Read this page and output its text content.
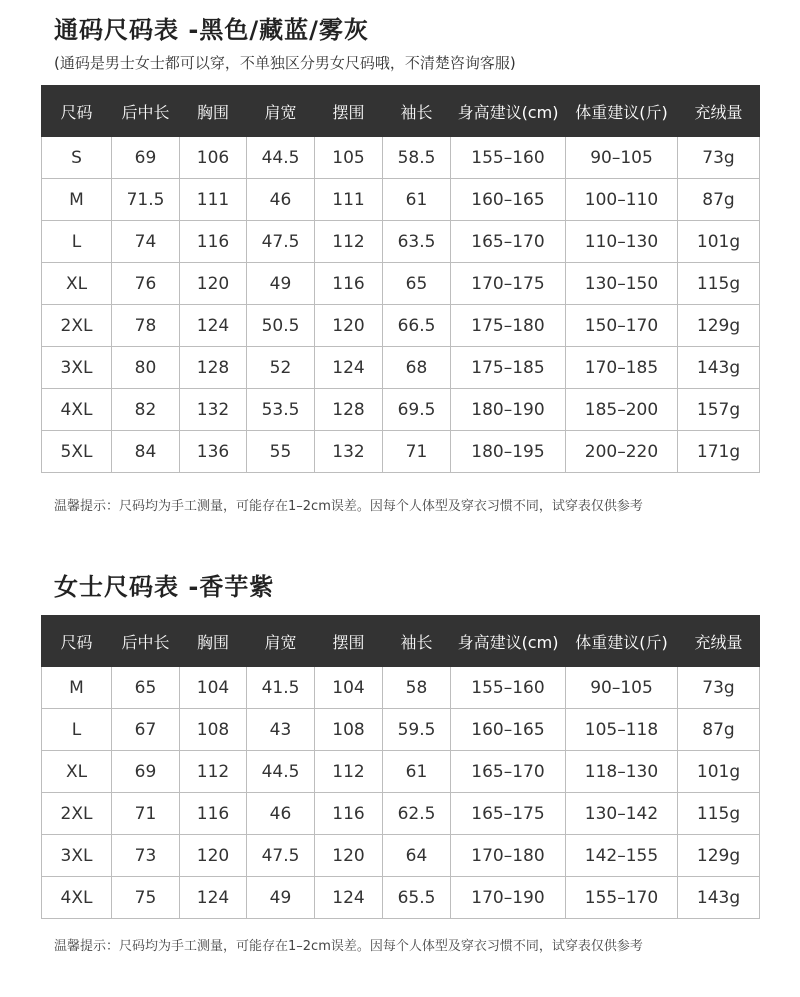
通码尺码表 -黑色/藏蓝/雾灰
(通码是男士女士都可以穿，不单独区分男女尺码哦，不清楚咨询客服)
尺码	后中长	胸围	肩宽	摆围	袖长	身高建议(cm)	体重建议(斤)	充绒量
S	69	106	44.5	105	58.5	155–160	90–105	73g
M	71.5	111	46	111	61	160–165	100–110	87g
L	74	116	47.5	112	63.5	165–170	110–130	101g
XL	76	120	49	116	65	170–175	130–150	115g
2XL	78	124	50.5	120	66.5	175–180	150–170	129g
3XL	80	128	52	124	68	175–185	170–185	143g
4XL	82	132	53.5	128	69.5	180–190	185–200	157g
5XL	84	136	55	132	71	180–195	200–220	171g
温馨提示：尺码均为手工测量，可能存在1–2cm误差。因每个人体型及穿衣习惯不同，试穿表仅供参考
女士尺码表 -香芋紫
尺码	后中长	胸围	肩宽	摆围	袖长	身高建议(cm)	体重建议(斤)	充绒量
M	65	104	41.5	104	58	155–160	90–105	73g
L	67	108	43	108	59.5	160–165	105–118	87g
XL	69	112	44.5	112	61	165–170	118–130	101g
2XL	71	116	46	116	62.5	165–175	130–142	115g
3XL	73	120	47.5	120	64	170–180	142–155	129g
4XL	75	124	49	124	65.5	170–190	155–170	143g
温馨提示：尺码均为手工测量，可能存在1–2cm误差。因每个人体型及穿衣习惯不同，试穿表仅供参考
